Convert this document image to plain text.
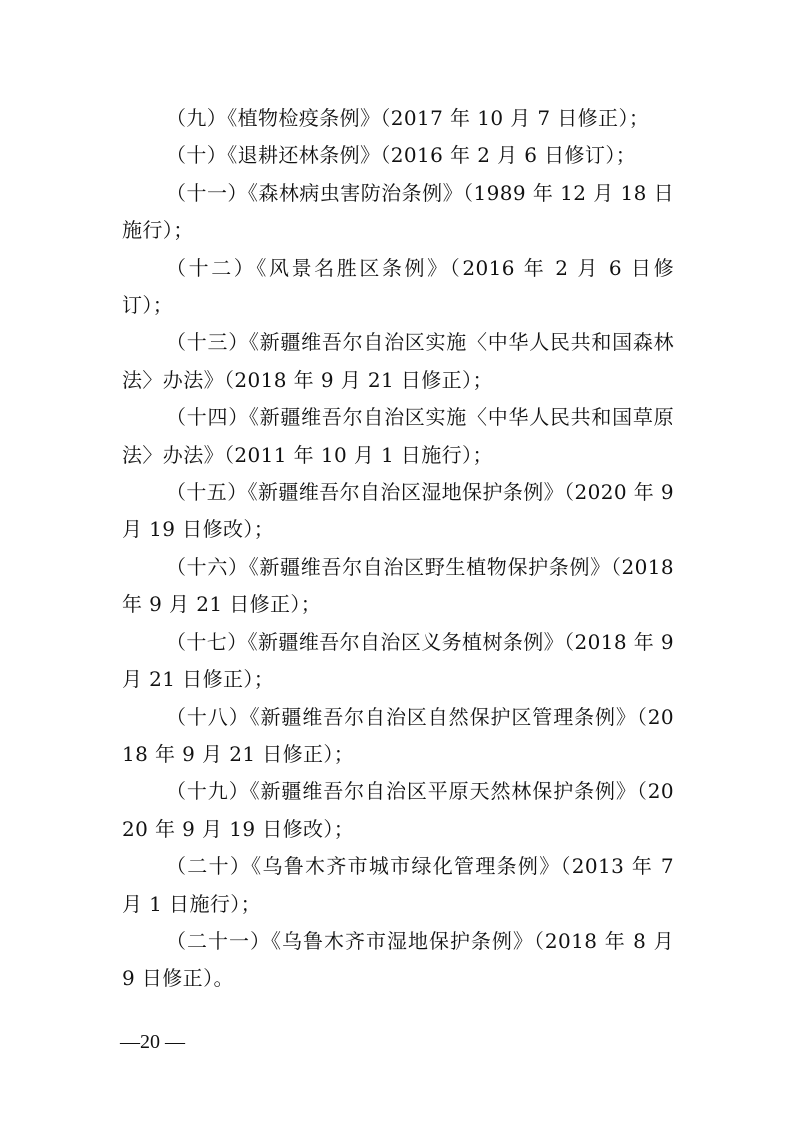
（九）《植物检疫条例》（2017 年 10 月 7 日修正）；

（十）《退耕还林条例》（2016 年 2 月 6 日修订）；

（十一）《森林病虫害防治条例》（1989 年 12 月 18 日施行）；

（十二）《风景名胜区条例》（2016 年 2 月 6 日修订）；

（十三）《新疆维吾尔自治区实施〈中华人民共和国森林法〉办法》（2018 年 9 月 21 日修正）；

（十四）《新疆维吾尔自治区实施〈中华人民共和国草原法〉办法》（2011 年 10 月 1 日施行）；

（十五）《新疆维吾尔自治区湿地保护条例》（2020 年 9 月 19 日修改）；

（十六）《新疆维吾尔自治区野生植物保护条例》（2018 年 9 月 21 日修正）；

（十七）《新疆维吾尔自治区义务植树条例》（2018 年 9 月 21 日修正）；

（十八）《新疆维吾尔自治区自然保护区管理条例》（2018 年 9 月 21 日修正）；

（十九）《新疆维吾尔自治区平原天然林保护条例》（2020 年 9 月 19 日修改）；

（二十）《乌鲁木齐市城市绿化管理条例》（2013 年 7 月 1 日施行）；

（二十一）《乌鲁木齐市湿地保护条例》（2018 年 8 月 9 日修正）。

—20 —
